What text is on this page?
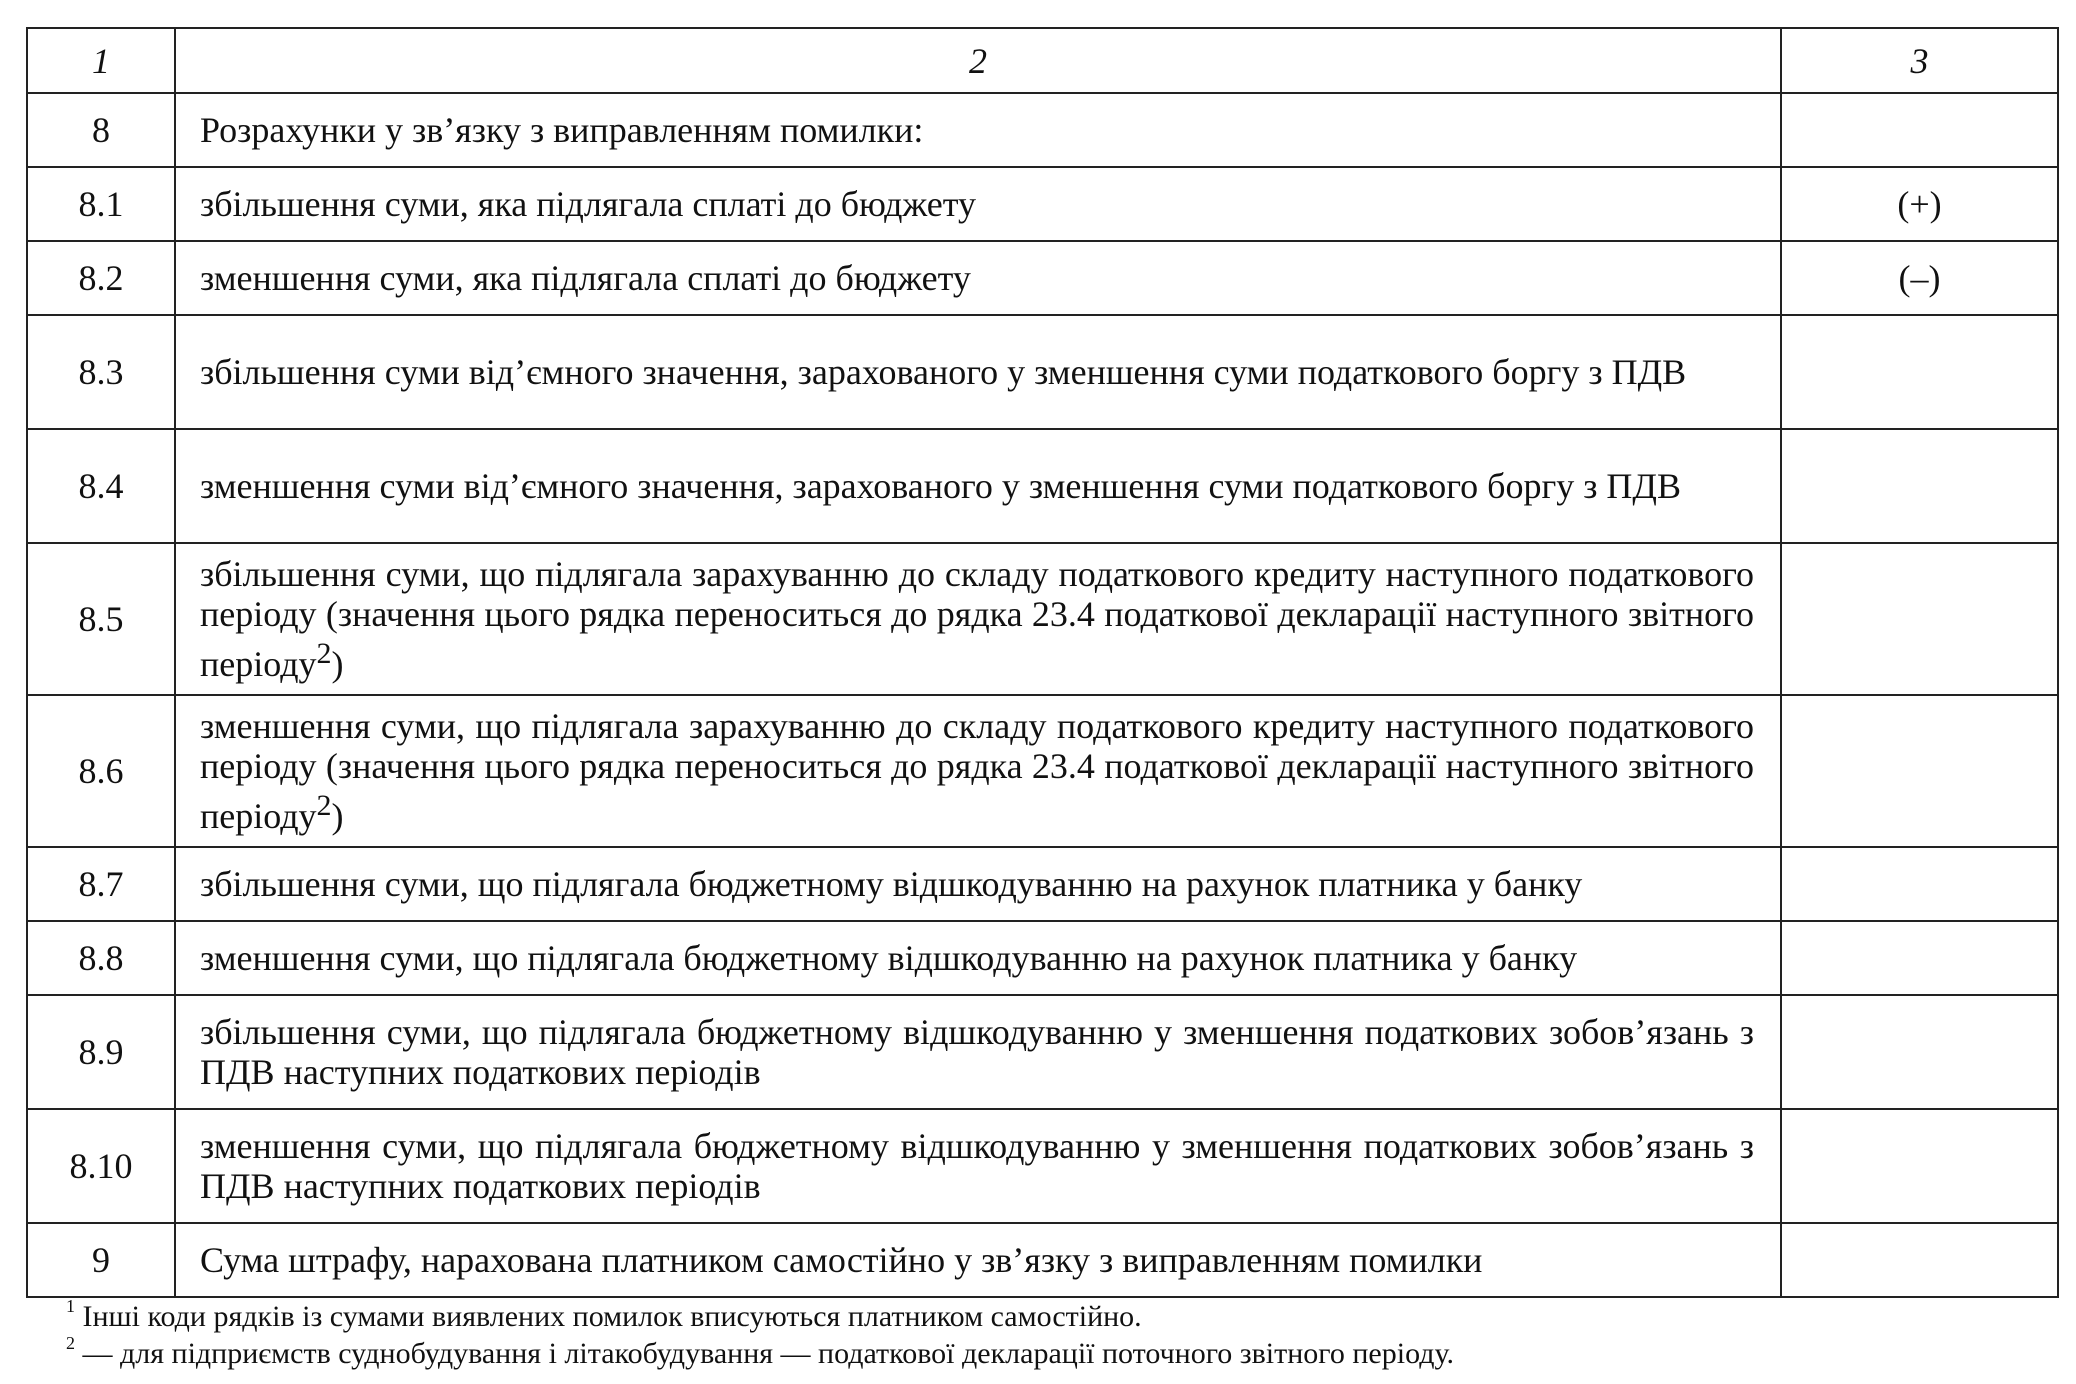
1	2	3
8	Розрахунки у зв’язку з виправленням помилки:	
8.1	збільшення суми, яка підлягала сплаті до бюджету	(+)
8.2	зменшення суми, яка підлягала сплаті до бюджету	(–)
8.3	збільшення суми від’ємного значення, зарахованого у зменшення суми податкового боргу з ПДВ	
8.4	зменшення суми від’ємного значення, зарахованого у зменшення суми податкового боргу з ПДВ	
8.5	збільшення суми, що підлягала зарахуванню до складу податкового кредиту наступного податкового періоду (значення цього рядка переноситься до рядка 23.4 податкової декларації наступного звітного періоду$^2$)	
8.6	зменшення суми, що підлягала зарахуванню до складу податкового кредиту наступного податкового періоду (значення цього рядка переноситься до рядка 23.4 податкової декларації наступного звітного періоду$^2$)	
8.7	збільшення суми, що підлягала бюджетному відшкодуванню на рахунок платника у банку	
8.8	зменшення суми, що підлягала бюджетному відшкодуванню на рахунок платника у банку	
8.9	збільшення суми, що підлягала бюджетному відшкодуванню у зменшення податкових зобов’язань з ПДВ наступних податкових періодів	
8.10	зменшення суми, що підлягала бюджетному відшкодуванню у зменшення податкових зобов’язань з ПДВ наступних податкових періодів	
9	Сума штрафу, нарахована платником самостійно у зв’язку з виправленням помилки	
$^1$ Інші коди рядків із сумами виявлених помилок вписуються платником самостійно.
$^2$ — для підприємств суднобудування і літакобудування — податкової декларації поточного звітного періоду.
